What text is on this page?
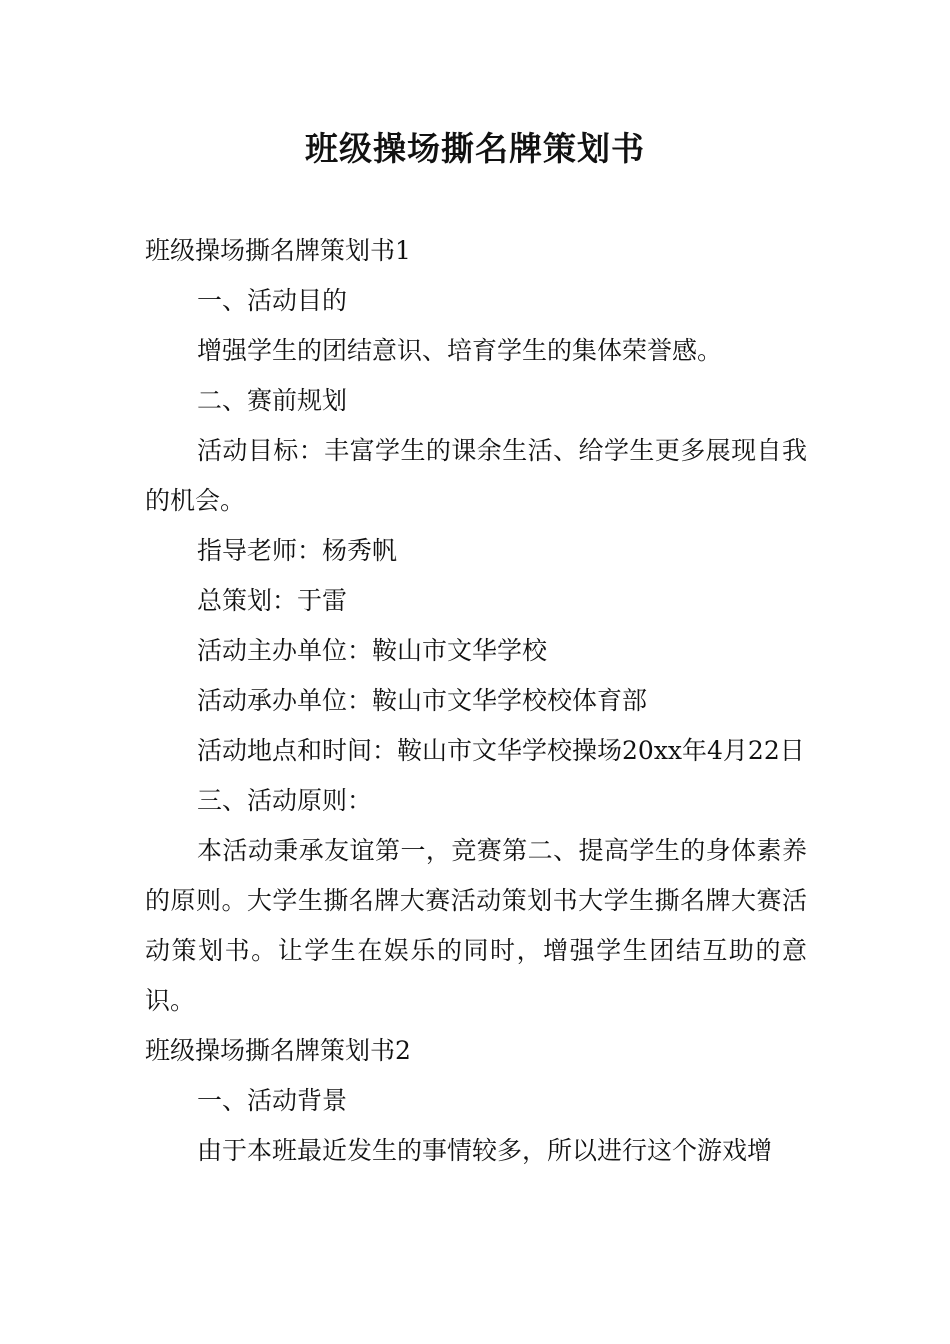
班级操场撕名牌策划书

班级操场撕名牌策划书1

一、活动目的

增强学生的团结意识、培育学生的集体荣誉感。

二、赛前规划

活动目标：丰富学生的课余生活、给学生更多展现自我的机会。

指导老师：杨秀帆

总策划：于雷

活动主办单位：鞍山市文华学校

活动承办单位：鞍山市文华学校校体育部

活动地点和时间：鞍山市文华学校操场20xx年4月22日

三、活动原则：

本活动秉承友谊第一，竞赛第二、提高学生的身体素养的原则。大学生撕名牌大赛活动策划书大学生撕名牌大赛活动策划书。让学生在娱乐的同时，增强学生团结互助的意识。

班级操场撕名牌策划书2

一、活动背景

由于本班最近发生的事情较多，所以进行这个游戏增
